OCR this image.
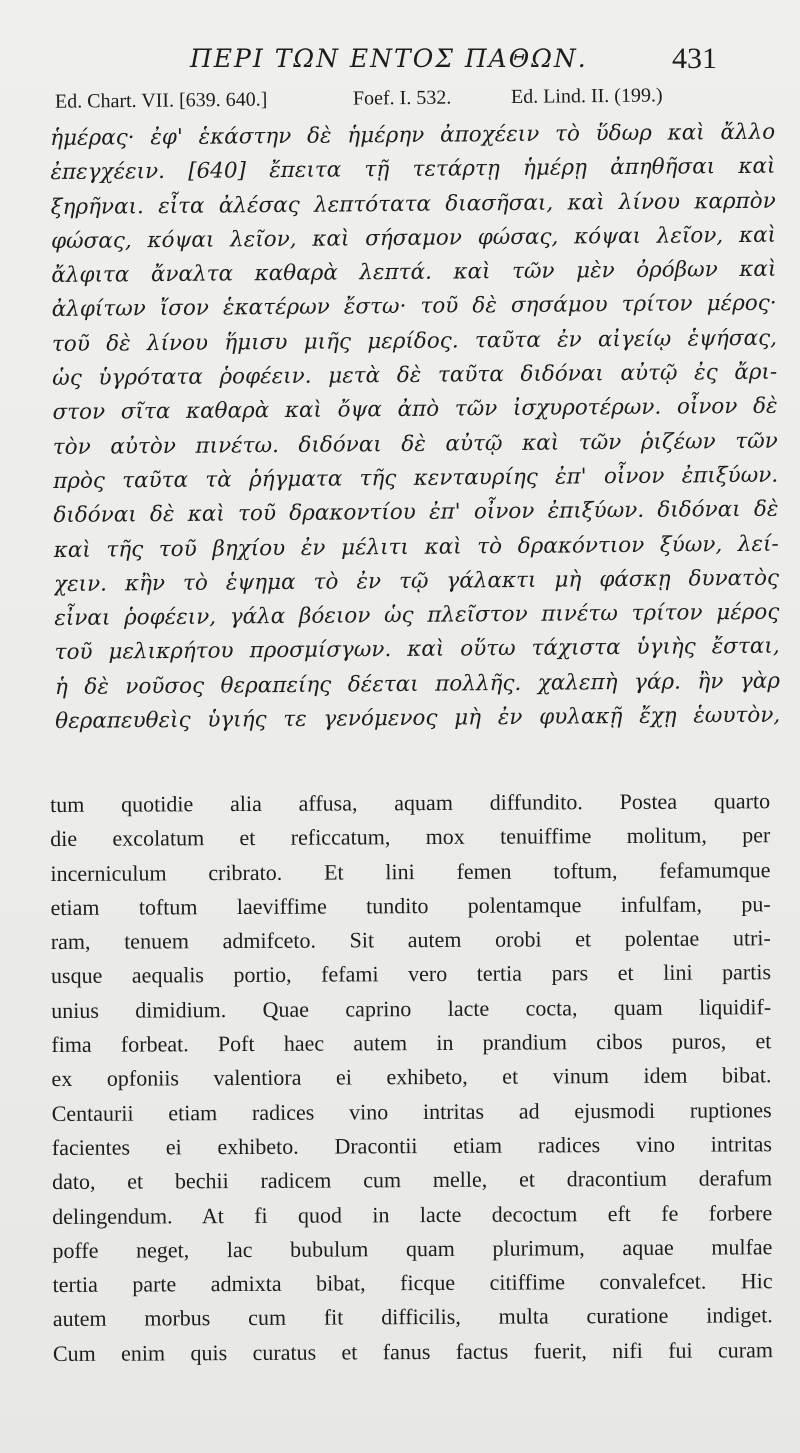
ΠΕΡΙ ΤΩΝ ΕΝΤΟΣ ΠΑΘΩΝ.	431
Ed. Chart. VII. [639. 640.]	Foef. I. 532.	Ed. Lind. II. (199.)
ἡμέρας· ἐφ' ἑκάστην δὲ ἡμέρην ἀποχέειν τὸ ὕδωρ καὶ ἄλλο
ἐπεγχέειν. [640] ἔπειτα τῇ τετάρτῃ ἡμέρῃ ἀπηθῆσαι καὶ
ξηρῆναι. εἶτα ἀλέσας λεπτότατα διασῆσαι, καὶ λίνου καρπὸν
φώσας, κόψαι λεῖον, καὶ σήσαμον φώσας, κόψαι λεῖον, καὶ
ἄλφιτα ἄναλτα καθαρὰ λεπτά. καὶ τῶν μὲν ὀρόβων καὶ
ἀλφίτων ἴσον ἑκατέρων ἔστω· τοῦ δὲ σησάμου τρίτον μέρος·
τοῦ δὲ λίνου ἥμισυ μιῆς μερίδος. ταῦτα ἐν αἰγείῳ ἑψήσας,
ὡς ὑγρότατα ῥοφέειν. μετὰ δὲ ταῦτα διδόναι αὐτῷ ἐς ἄρι-
στον σῖτα καθαρὰ καὶ ὄψα ἀπὸ τῶν ἰσχυροτέρων. οἶνον δὲ
τὸν αὐτὸν πινέτω. διδόναι δὲ αὐτῷ καὶ τῶν ῥιζέων τῶν
πρὸς ταῦτα τὰ ῥήγματα τῆς κενταυρίης ἐπ' οἶνον ἐπιξύων.
διδόναι δὲ καὶ τοῦ δρακοντίου ἐπ' οἶνον ἐπιξύων. διδόναι δὲ
καὶ τῆς τοῦ βηχίου ἐν μέλιτι καὶ τὸ δρακόντιον ξύων, λεί-
χειν. κἢν τὸ ἑψημα τὸ ἐν τῷ γάλακτι μὴ φάσκῃ δυνατὸς
εἶναι ῥοφέειν, γάλα βόειον ὡς πλεῖστον πινέτω τρίτον μέρος
τοῦ μελικρήτου προσμίσγων. καὶ οὕτω τάχιστα ὑγιὴς ἔσται,
ἡ δὲ νοῦσος θεραπείης δέεται πολλῆς. χαλεπὴ γάρ. ἢν γὰρ
θεραπευθεὶς ὑγιής τε γενόμενος μὴ ἐν φυλακῇ ἔχῃ ἑωυτὸν,
tum quotidie alia affusa, aquam diffundito. Postea quarto
die excolatum et reficcatum, mox tenuiffime molitum, per
incerniculum cribrato. Et lini femen toftum, fefamumque
etiam toftum laeviffime tundito polentamque infulfam, pu-
ram, tenuem admifceto. Sit autem orobi et polentae utri-
usque aequalis portio, fefami vero tertia pars et lini partis
unius dimidium. Quae caprino lacte cocta, quam liquidif-
fima forbeat. Poft haec autem in prandium cibos puros, et
ex opfoniis valentiora ei exhibeto, et vinum idem bibat.
Centaurii etiam radices vino intritas ad ejusmodi ruptiones
facientes ei exhibeto. Dracontii etiam radices vino intritas
dato, et bechii radicem cum melle, et dracontium derafum
delingendum. At fi quod in lacte decoctum eft fe forbere
poffe neget, lac bubulum quam plurimum, aquae mulfae
tertia parte admixta bibat, ficque citiffime convalefcet. Hic
autem morbus cum fit difficilis, multa curatione indiget.
Cum enim quis curatus et fanus factus fuerit, nifi fui curam
